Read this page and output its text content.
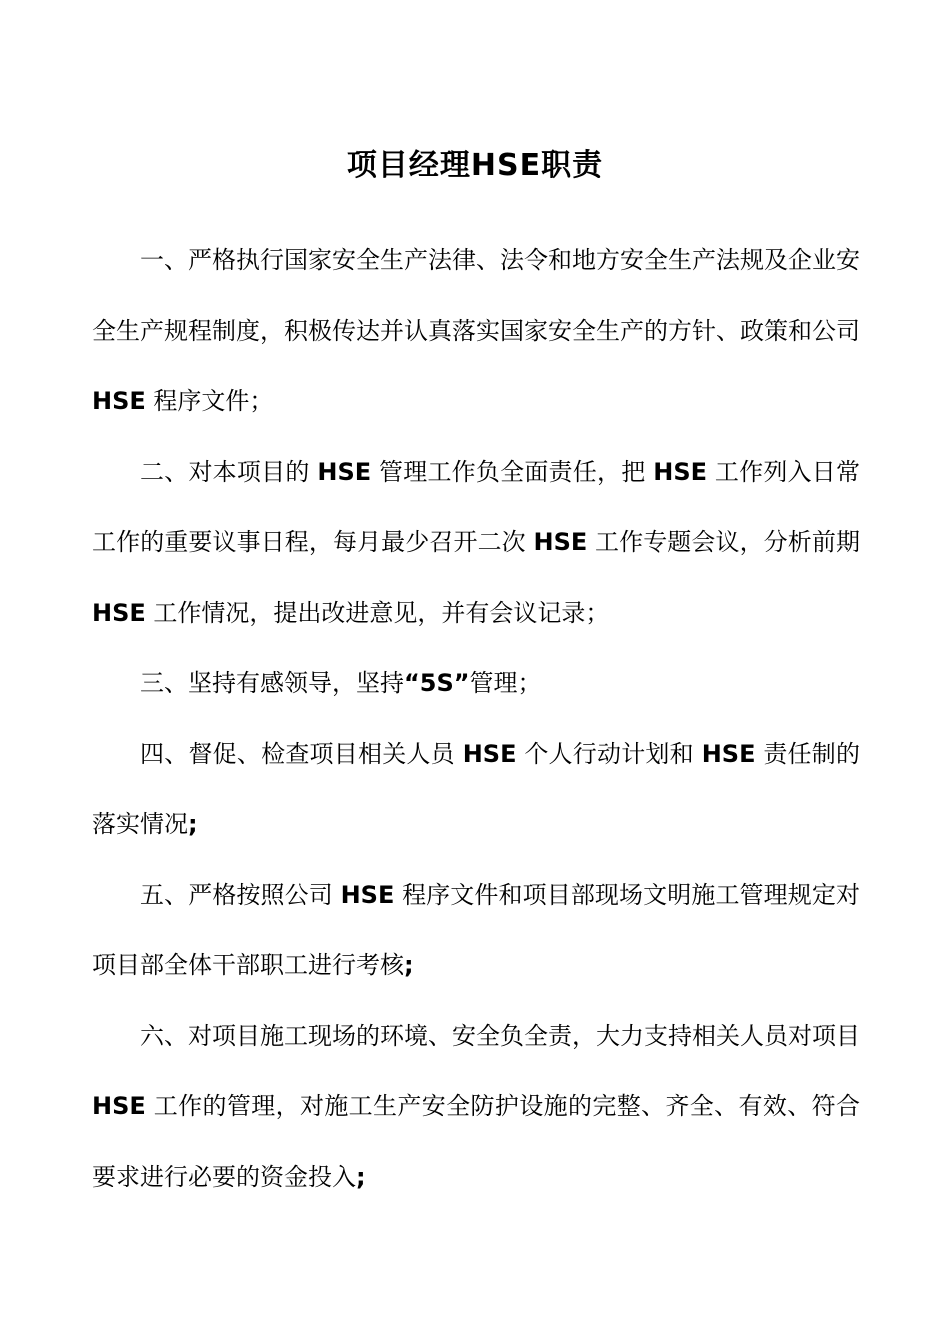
项目经理HSE职责

一、严格执行国家安全生产法律、法令和地方安全生产法规及企业安全生产规程制度，积极传达并认真落实国家安全生产的方针、政策和公司 HSE 程序文件；

二、对本项目的 HSE 管理工作负全面责任，把 HSE 工作列入日常工作的重要议事日程，每月最少召开二次 HSE 工作专题会议，分析前期 HSE 工作情况，提出改进意见，并有会议记录；

三、坚持有感领导，坚持“5S”管理；

四、督促、检查项目相关人员 HSE 个人行动计划和 HSE 责任制的落实情况;

五、严格按照公司 HSE 程序文件和项目部现场文明施工管理规定对项目部全体干部职工进行考核;

六、对项目施工现场的环境、安全负全责，大力支持相关人员对项目 HSE 工作的管理，对施工生产安全防护设施的完整、齐全、有效、符合要求进行必要的资金投入;
